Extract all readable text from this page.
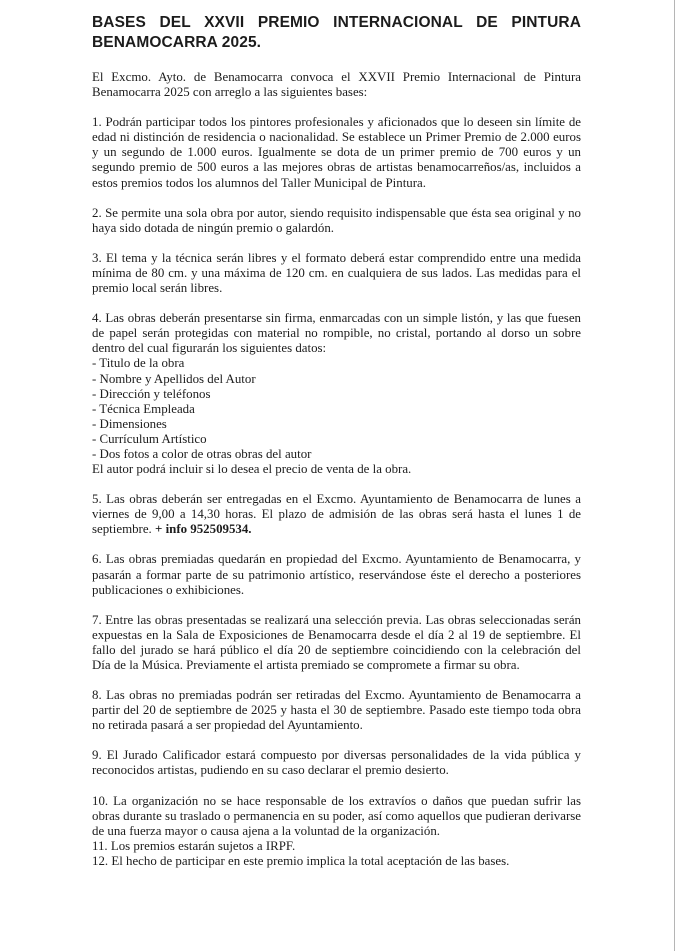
BASES DEL XXVII PREMIO INTERNACIONAL DE PINTURA BENAMOCARRA 2025.

El Excmo. Ayto. de Benamocarra convoca el XXVII Premio Internacional de Pintura Benamocarra 2025 con arreglo a las siguientes bases:

1. Podrán participar todos los pintores profesionales y aficionados que lo deseen sin límite de edad ni distinción de residencia o nacionalidad. Se establece un Primer Premio de 2.000 euros y un segundo de 1.000 euros. Igualmente se dota de un primer premio de 700 euros y un segundo premio de 500 euros a las mejores obras de artistas benamocarreños/as, incluidos a estos premios todos los alumnos del Taller Municipal de Pintura.

2. Se permite una sola obra por autor, siendo requisito indispensable que ésta sea original y no haya sido dotada de ningún premio o galardón.

3. El tema y la técnica serán libres y el formato deberá estar comprendido entre una medida mínima de 80 cm. y una máxima de 120 cm. en cualquiera de sus lados. Las medidas para el premio local serán libres.

4. Las obras deberán presentarse sin firma, enmarcadas con un simple listón, y las que fuesen de papel serán protegidas con material no rompible, no cristal, portando al dorso un sobre dentro del cual figurarán los siguientes datos:

- Titulo de la obra
- Nombre y Apellidos del Autor
- Dirección y teléfonos
- Técnica Empleada
- Dimensiones
- Currículum Artístico
- Dos fotos a color de otras obras del autor

El autor podrá incluir si lo desea el precio de venta de la obra.

5. Las obras deberán ser entregadas en el Excmo. Ayuntamiento de Benamocarra de lunes a viernes de 9,00 a 14,30 horas. El plazo de admisión de las obras será hasta el lunes 1 de septiembre. + info 952509534.

6. Las obras premiadas quedarán en propiedad del Excmo. Ayuntamiento de Benamocarra, y pasarán a formar parte de su patrimonio artístico, reservándose éste el derecho a posteriores publicaciones o exhibiciones.

7. Entre las obras presentadas se realizará una selección previa. Las obras seleccionadas serán expuestas en la Sala de Exposiciones de Benamocarra desde el día 2 al 19 de septiembre. El fallo del jurado se hará público el día 20 de septiembre coincidiendo con la celebración del Día de la Música. Previamente el artista premiado se compromete a firmar su obra.

8. Las obras no premiadas podrán ser retiradas del Excmo. Ayuntamiento de Benamocarra a partir del 20 de septiembre de 2025 y hasta el 30 de septiembre. Pasado este tiempo toda obra no retirada pasará a ser propiedad del Ayuntamiento.

9. El Jurado Calificador estará compuesto por diversas personalidades de la vida pública y reconocidos artistas, pudiendo en su caso declarar el premio desierto.

10. La organización no se hace responsable de los extravíos o daños que puedan sufrir las obras durante su traslado o permanencia en su poder, así como aquellos que pudieran derivarse de una fuerza mayor o causa ajena a la voluntad de la organización.

11. Los premios estarán sujetos a IRPF.

12. El hecho de participar en este premio implica la total aceptación de las bases.
